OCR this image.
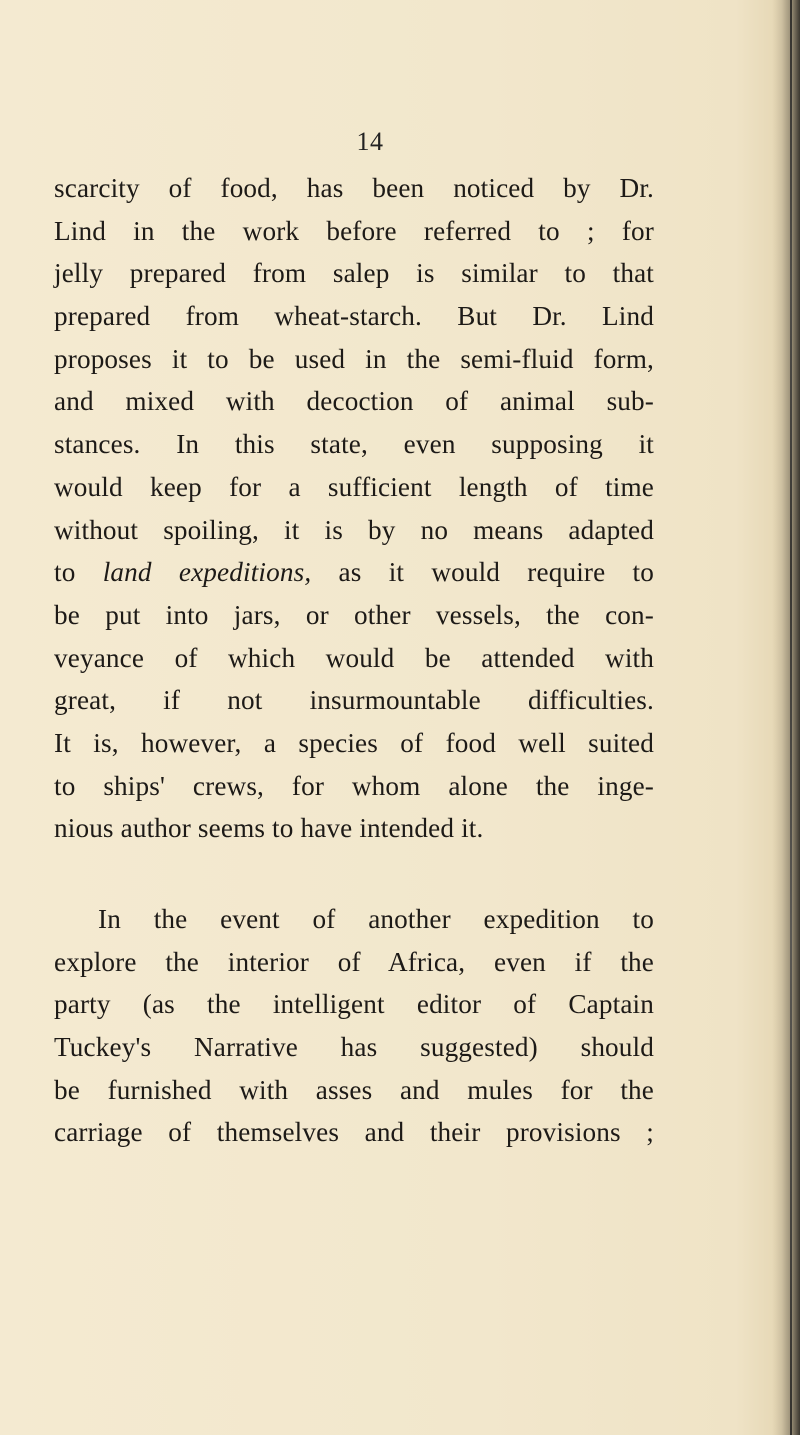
14
scarcity of food, has been noticed by Dr.
Lind in the work before referred to ; for
jelly prepared from salep is similar to that
prepared from wheat-starch. But Dr. Lind
proposes it to be used in the semi-fluid form,
and mixed with decoction of animal sub-
stances. In this state, even supposing it
would keep for a sufficient length of time
without spoiling, it is by no means adapted
to land expeditions, as it would require to
be put into jars, or other vessels, the con-
veyance of which would be attended with
great, if not insurmountable difficulties.
It is, however, a species of food well suited
to ships' crews, for whom alone the inge-
nious author seems to have intended it.
In the event of another expedition to
explore the interior of Africa, even if the
party (as the intelligent editor of Captain
Tuckey's Narrative has suggested) should
be furnished with asses and mules for the
carriage of themselves and their provisions ;
